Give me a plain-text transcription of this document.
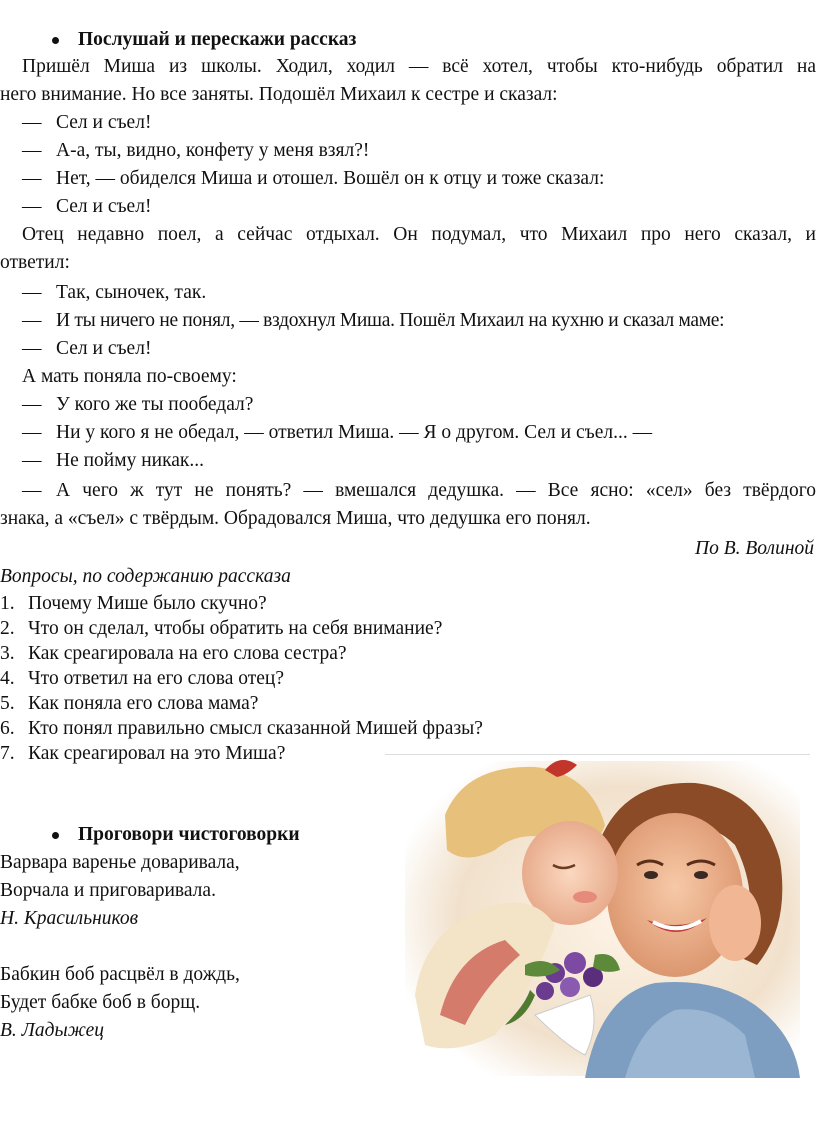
Послушай и перескажи рассказ
Пришёл Миша из школы. Ходил, ходил — всё хотел, чтобы кто-нибудь обратил на
него внимание. Но все заняты. Подошёл Михаил к сестре и сказал:
— Сел и съел!
— А-а, ты, видно, конфету у меня взял?!
— Нет, — обиделся Миша и отошел. Вошёл он к отцу и тоже сказал:
— Сел и съел!
Отец недавно поел, а сейчас отдыхал. Он подумал, что Михаил про него сказал, и
ответил:
— Так, сыночек, так.
— И ты ничего не понял, — вздохнул Миша. Пошёл Михаил на кухню и сказал маме:
— Сел и съел!
А мать поняла по-своему:
— У кого же ты пообедал?
— Ни у кого я не обедал, — ответил Миша. — Я о другом. Сел и съел... —
— Не пойму никак...
— А чего ж тут не понять? — вмешался дедушка. — Все ясно: «сел» без твёрдого
знака, а «съел» с твёрдым. Обрадовался Миша, что дедушка его понял.
По В. Волиной
Вопросы, по содержанию рассказа
1. Почему Мише было скучно?
2. Что он сделал, чтобы обратить на себя внимание?
3. Как среагировала на его слова сестра?
4. Что ответил на его слова отец?
5. Как поняла его слова мама?
6. Кто понял правильно смысл сказанной Мишей фразы?
7. Как среагировал на это Миша?
Проговори чистоговорки
Варвара варенье доваривала,
Ворчала и приговаривала.
Н. Красильников
Бабкин боб расцвёл в дождь,
Будет бабке боб в борщ.
В. Ладыжец
